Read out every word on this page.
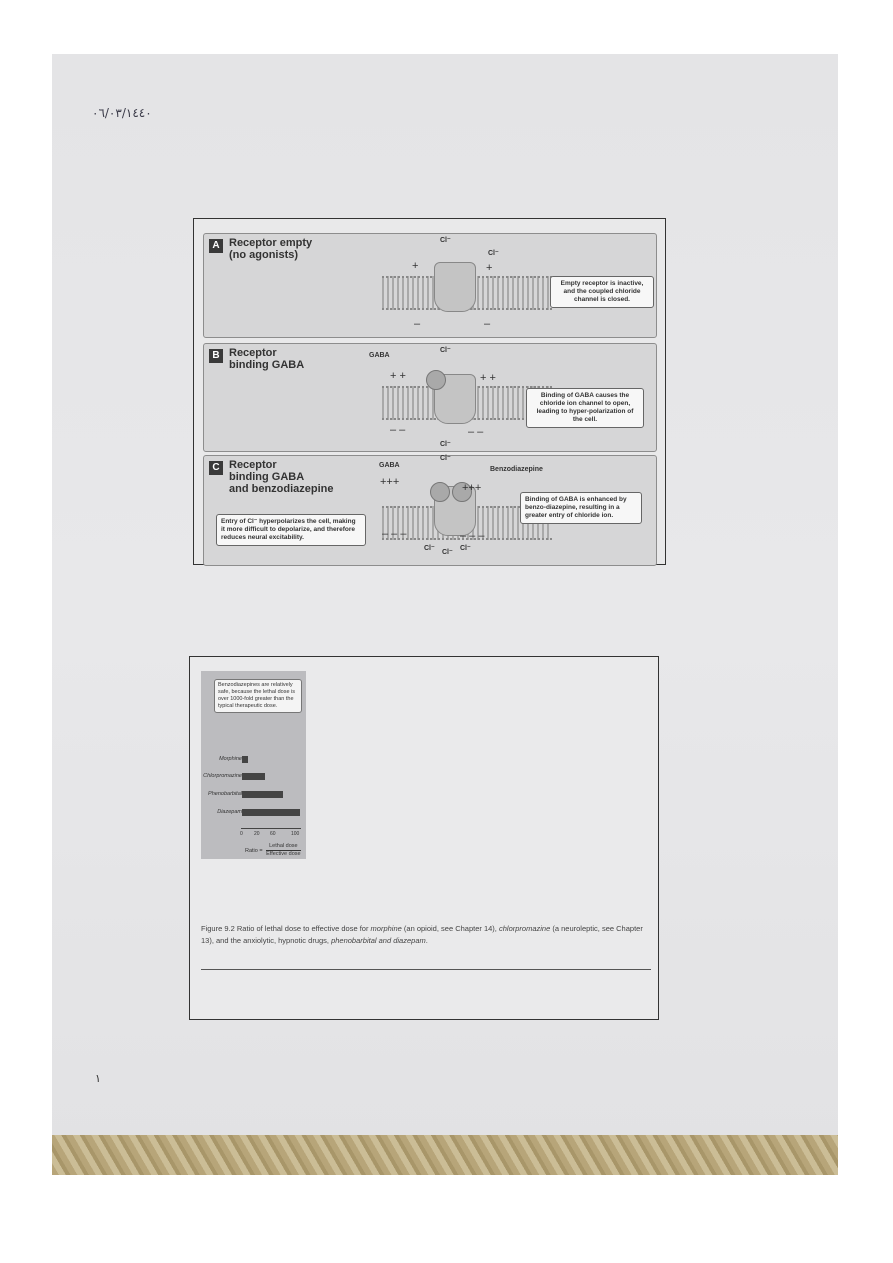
٠٦/٠٣/١٤٤٠
A Receptor empty
(no agonists)
Cl⁻
Cl⁻
+	+
–	–
Empty receptor is inactive, and the coupled chloride channel is closed.
B Receptor
binding GABA
GABA
Cl⁻
Cl⁻
+ +	+ +
– –	– –
Binding of GABA causes the chloride ion channel to open, leading to hyper-polarization of the cell.
C Receptor
binding GABA
and benzodiazepine
GABA
Benzodiazepine
Cl⁻
+++	+++
– – –	– – –
Cl⁻
Cl⁻
Cl⁻
Binding of GABA is enhanced by benzo-diazepine, resulting in a greater entry of chloride ion.
Entry of Cl⁻ hyperpolarizes the cell, making it more difficult to depolarize, and therefore reduces neural excitability.
Benzodiazepines are relatively safe, because the lethal dose is over 1000-fold greater than the typical therapeutic dose.
Morphine
Chlorpromazine
Phenobarbital
Diazepam
0 20 60	100
Ratio = $\frac{\text{Lethal dose}}{\text{Effective dose}}$
Figure 9.2 Ratio of lethal dose to effective dose for morphine (an opioid, see Chapter 14), chlorpromazine (a neuroleptic, see Chapter 13), and the anxiolytic, hypnotic drugs, phenobarbital and diazepam.
١
